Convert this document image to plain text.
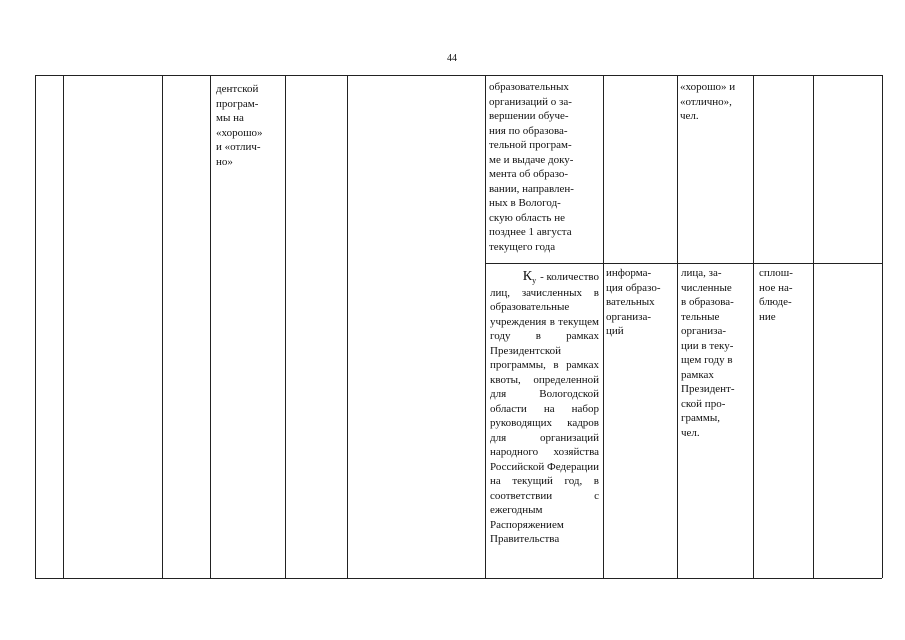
44
дентской
програм-
мы на
«хорошо»
и «отлич-
но»
образовательных
организаций о за-
вершении обуче-
ния по образова-
тельной програм-
ме и выдаче доку-
мента об образо-
вании, направлен-
ных в Вологод-
скую область не
позднее 1 августа
текущего года
«хорошо» и
«отлично»,
чел.
К у - количество
лиц, зачисленных в образовательные учреждения в текущем году в рамках Президентской программы, в рамках квоты, определенной для Вологодской области на набор руководящих кадров для организаций народного хозяйства Российской Федерации на текущий год, в соответствии с ежегодным Распоряжением Правительства
информа-
ция образо-
вательных
организа-
ций
лица, за-
численные
в образова-
тельные
организа-
ции в теку-
щем году в
рамках
Президент-
ской про-
граммы,
чел.
сплош-
ное на-
блюде-
ние
